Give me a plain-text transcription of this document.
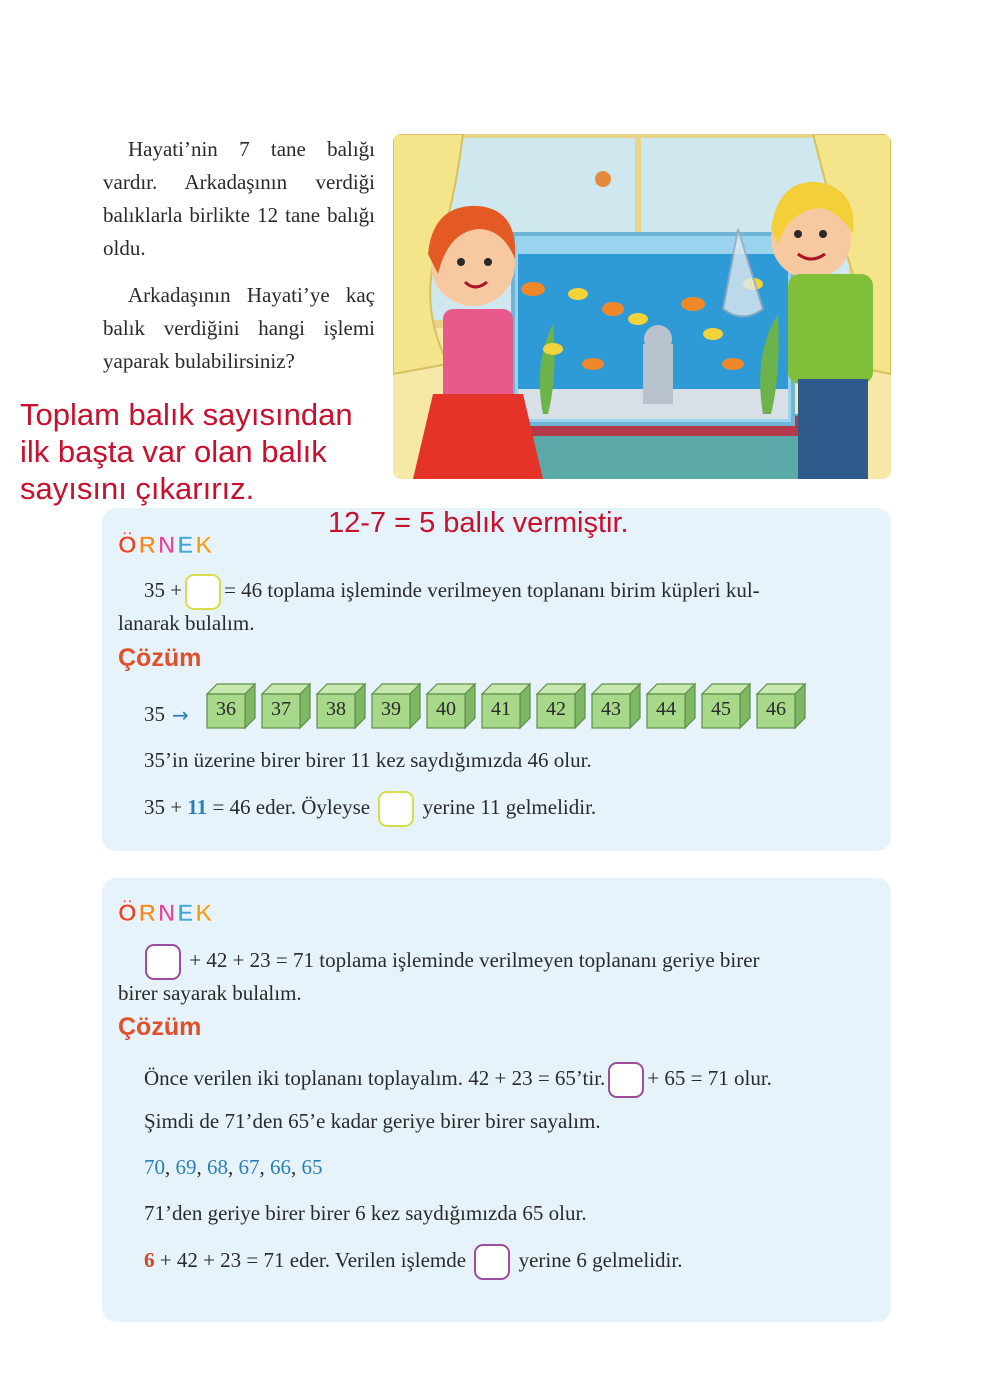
Hayati’nin 7 tane balığı vardır. Arkadaşının verdiği balıklarla birlikte 12 tane balığı oldu.

Arkadaşının Hayati’ye kaç balık verdiğini hangi işlemi yaparak bulabilirsiniz?

Toplam balık sayısından
ilk başta var olan balık
sayısını çıkarırız.
ÖRNEK
35 + = 46 toplama işleminde verilmeyen toplananı birim küpleri kul-
lanarak bulalım.
Çözüm
35 →	36	37	38	39	40	41	42	43	44	45	46
35’in üzerine birer birer 11 kez saydığımızda 46 olur.
35 + 11 = 46 eder. Öyleyse	yerine 11 gelmelidir.
12-7 = 5 balık vermiştir.
ÖRNEK
+ 42 + 23 = 71 toplama işleminde verilmeyen toplananı geriye birer
birer sayarak bulalım.
Çözüm
Önce verilen iki toplananı toplayalım. 42 + 23 = 65’tir. + 65 = 71 olur.
Şimdi de 71’den 65’e kadar geriye birer birer sayalım.
70, 69, 68, 67, 66, 65
71’den geriye birer birer 6 kez saydığımızda 65 olur.
6 + 42 + 23 = 71 eder. Verilen işlemde	yerine 6 gelmelidir.
